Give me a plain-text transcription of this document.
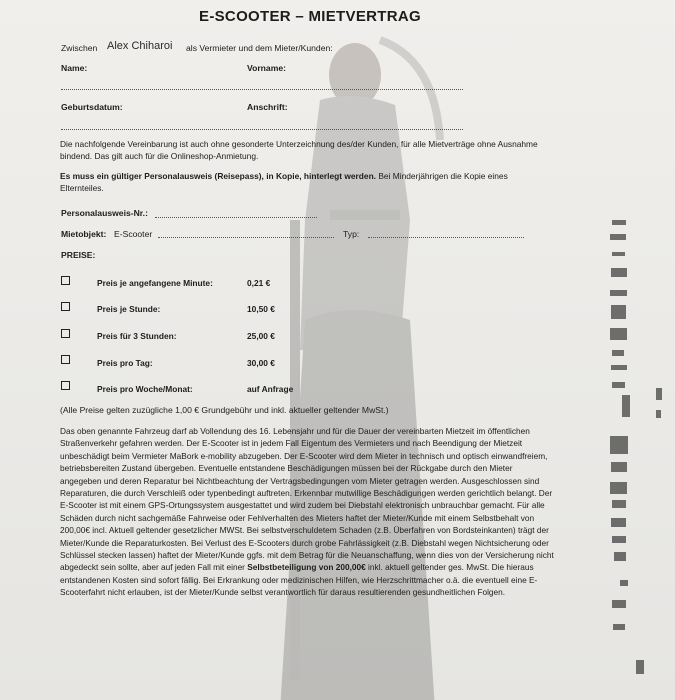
E-SCOOTER – MIETVERTRAG
Zwischen Alex Chiharoi als Vermieter und dem Mieter/Kunden:
Name:	Vorname:
Geburtsdatum:	Anschrift:
Die nachfolgende Vereinbarung ist auch ohne gesonderte Unterzeichnung des/der Kunden, für alle Mietverträge ohne Ausnahme bindend. Das gilt auch für die Onlineshop-Anmietung.
Es muss ein gültiger Personalausweis (Reisepass), in Kopie, hinterlegt werden. Bei Minderjährigen die Kopie eines Elternteiles.
Personalausweis-Nr.:
Mietobjekt: E-Scooter	Typ:
PREISE:
Preis je angefangene Minute:	0,21 €
Preis je Stunde:	10,50 €
Preis für 3 Stunden:	25,00 €
Preis pro Tag:	30,00 €
Preis pro Woche/Monat:	auf Anfrage
(Alle Preise gelten zuzügliche 1,00 € Grundgebühr und inkl. aktueller geltender MwSt.)
Das oben genannte Fahrzeug darf ab Vollendung des 16. Lebensjahr und für die Dauer der vereinbarten Mietzeit im öffentlichen Straßenverkehr gefahren werden. Der E-Scooter ist in jedem Fall Eigentum des Vermieters und nach Beendigung der Mietzeit unbeschädigt beim Vermieter MaBork e-mobility abzugeben. Der E-Scooter wird dem Mieter in technisch und optisch einwandfreiem, betriebsbereiten Zustand übergeben. Eventuelle entstandene Beschädigungen müssen bei der Rückgabe durch den Mieter angegeben und deren Reparatur bei Nichtbeachtung der Vertragsbedingungen vom Mieter getragen werden. Ausgeschlossen sind Reparaturen, die durch Verschleiß oder typenbedingt auftreten. Erkennbar mutwillige Beschädigungen werden gerichtlich belangt. Der E-Scooter ist mit einem GPS-Ortungssystem ausgestattet und wird zudem bei Diebstahl elektronisch unbrauchbar gemacht. Für alle Schäden durch nicht sachgemäße Fahrweise oder Fehlverhalten des Mieters haftet der Mieter/Kunde mit einem Selbstbehalt von 200,00€ incl. Aktuell geltender gesetzlicher MWSt. Bei selbstverschuldetem Schaden (z.B. Überfahren von Bordsteinkanten) trägt der Mieter/Kunde die Reparaturkosten. Bei Verlust des E-Scooters durch grobe Fahrlässigkeit (z.B. Diebstahl wegen Nichtsicherung oder Schlüssel stecken lassen) haftet der Mieter/Kunde ggfs. mit dem Betrag für die Neuanschaffung, wenn dies von der Versicherung nicht abgedeckt sein sollte, aber auf jeden Fall mit einer Selbstbeteiligung von 200,00€ inkl. aktuell geltender ges. MwSt. Die hieraus entstandenen Kosten sind sofort fällig. Bei Erkrankung oder medizinischen Hilfen, wie Herzschrittmacher o.ä. die eventuell eine E-Scooterfahrt nicht erlauben, ist der Mieter/Kunde selbst verantwortlich für daraus resultierenden gesundheitlichen Folgen.
